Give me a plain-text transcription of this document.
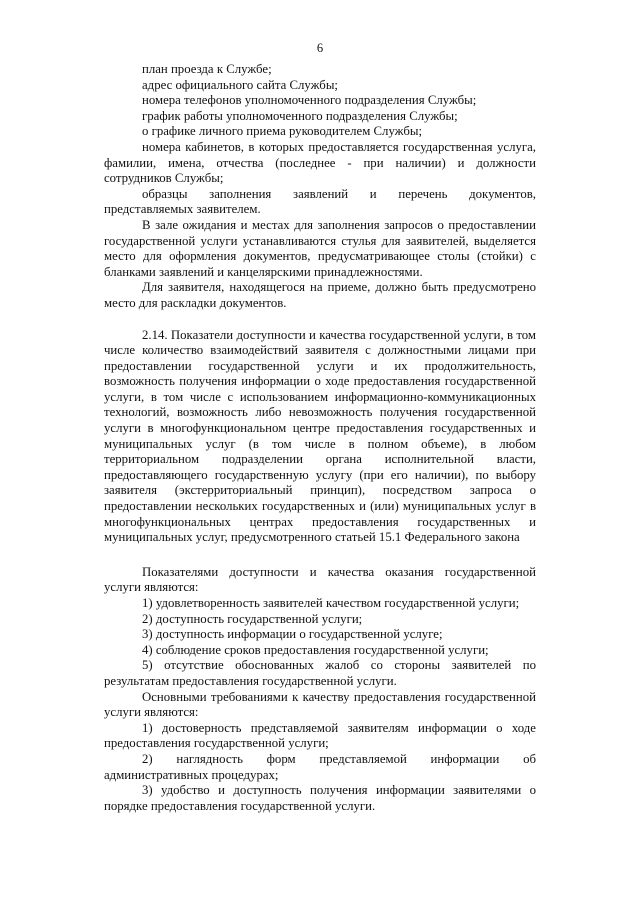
6

план проезда к Службе;

адрес официального сайта Службы;

номера телефонов уполномоченного подразделения Службы;

график работы уполномоченного подразделения Службы;

о графике личного приема руководителем Службы;

номера кабинетов, в которых предоставляется государственная услуга, фамилии, имена, отчества (последнее - при наличии) и должности сотрудников Службы;

образцы заполнения заявлений и перечень документов, представляемых заявителем.

В зале ожидания и местах для заполнения запросов о предоставлении государственной услуги устанавливаются стулья для заявителей, выделяется место для оформления документов, предусматривающее столы (стойки) с бланками заявлений и канцелярскими принадлежностями.

Для заявителя, находящегося на приеме, должно быть предусмотрено место для раскладки документов.

2.14. Показатели доступности и качества государственной услуги, в том числе количество взаимодействий заявителя с должностными лицами при предоставлении государственной услуги и их продолжительность, возможность получения информации о ходе предоставления государственной услуги, в том числе с использованием информационно-коммуникационных технологий, возможность либо невозможность получения государственной услуги в многофункциональном центре предоставления государственных и муниципальных услуг (в том числе в полном объеме), в любом территориальном подразделении органа исполнительной власти, предоставляющего государственную услугу (при его наличии), по выбору заявителя (экстерриториальный принцип), посредством запроса о предоставлении нескольких государственных и (или) муниципальных услуг в многофункциональных центрах предоставления государственных и муниципальных услуг, предусмотренного статьей 15.1 Федерального закона

Показателями доступности и качества оказания государственной услуги являются:

1) удовлетворенность заявителей качеством государственной услуги;

2) доступность государственной услуги;

3) доступность информации о государственной услуге;

4) соблюдение сроков предоставления государственной услуги;

5) отсутствие обоснованных жалоб со стороны заявителей по результатам предоставления государственной услуги.

Основными требованиями к качеству предоставления государственной услуги являются:

1) достоверность представляемой заявителям информации о ходе предоставления государственной услуги;

2) наглядность форм представляемой информации об административных процедурах;

3) удобство и доступность получения информации заявителями о порядке предоставления государственной услуги.
